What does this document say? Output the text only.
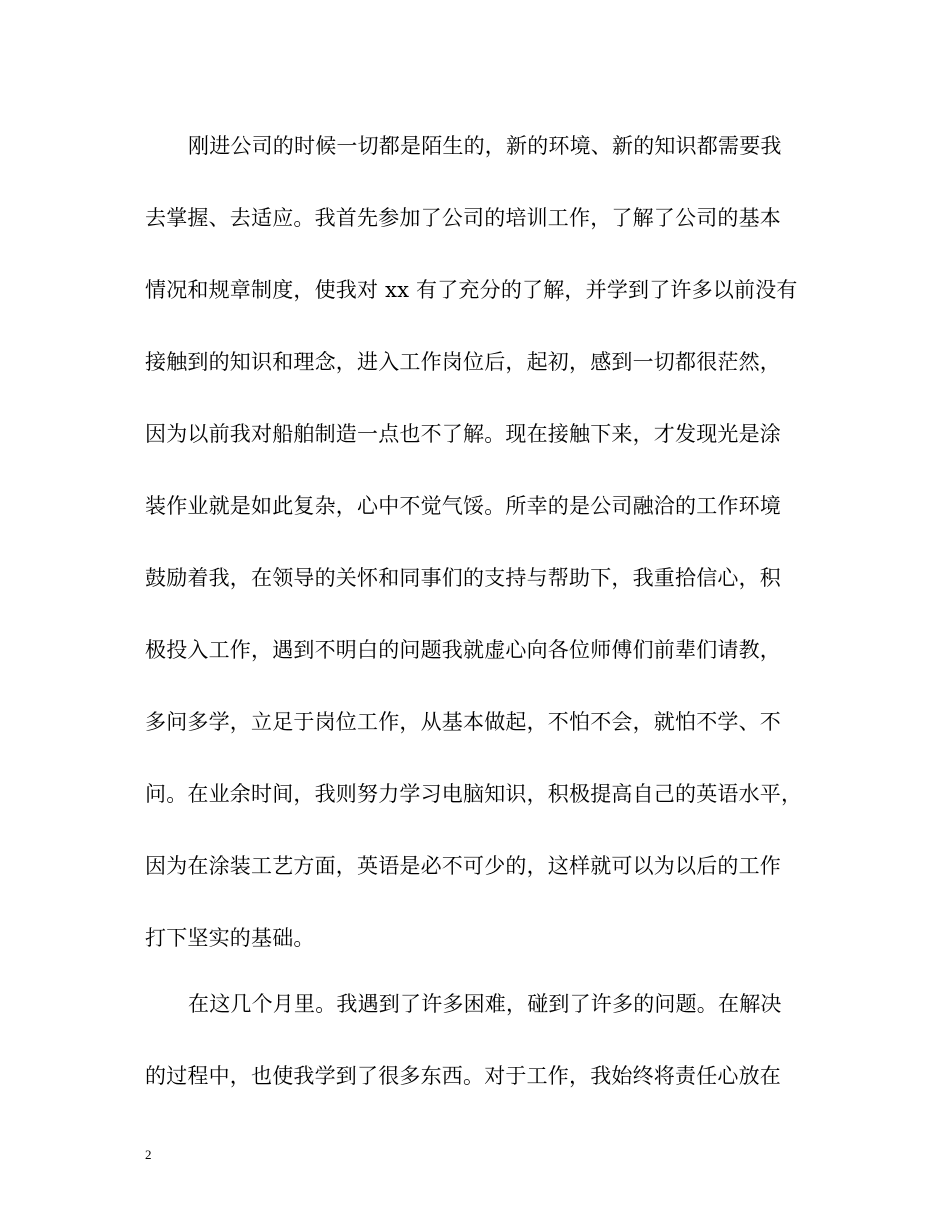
刚进公司的时候一切都是陌生的，新的环境、新的知识都需要我
去掌握、去适应。我首先参加了公司的培训工作，了解了公司的基本
情况和规章制度，使我对 xx 有了充分的了解，并学到了许多以前没有
接触到的知识和理念，进入工作岗位后，起初，感到一切都很茫然，
因为以前我对船舶制造一点也不了解。现在接触下来，才发现光是涂
装作业就是如此复杂，心中不觉气馁。所幸的是公司融洽的工作环境
鼓励着我，在领导的关怀和同事们的支持与帮助下，我重拾信心，积
极投入工作，遇到不明白的问题我就虚心向各位师傅们前辈们请教，
多问多学，立足于岗位工作，从基本做起，不怕不会，就怕不学、不
问。在业余时间，我则努力学习电脑知识，积极提高自己的英语水平，
因为在涂装工艺方面，英语是必不可少的，这样就可以为以后的工作
打下坚实的基础。
在这几个月里。我遇到了许多困难，碰到了许多的问题。在解决
的过程中，也使我学到了很多东西。对于工作，我始终将责任心放在
2
